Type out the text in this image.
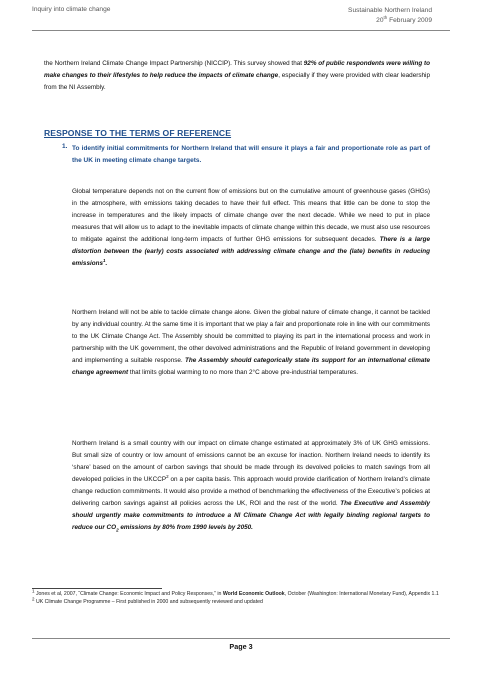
Inquiry into climate change	Sustainable Northern Ireland
20th February 2009
the Northern Ireland Climate Change Impact Partnership (NICCIP). This survey showed that 92% of public respondents were willing to make changes to their lifestyles to help reduce the impacts of climate change, especially if they were provided with clear leadership from the NI Assembly.
RESPONSE TO THE TERMS OF REFERENCE
1. To identify initial commitments for Northern Ireland that will ensure it plays a fair and proportionate role as part of the UK in meeting climate change targets.
Global temperature depends not on the current flow of emissions but on the cumulative amount of greenhouse gases (GHGs) in the atmosphere, with emissions taking decades to have their full effect. This means that little can be done to stop the increase in temperatures and the likely impacts of climate change over the next decade. While we need to put in place measures that will allow us to adapt to the inevitable impacts of climate change within this decade, we must also use resources to mitigate against the additional long-term impacts of further GHG emissions for subsequent decades. There is a large distortion between the (early) costs associated with addressing climate change and the (late) benefits in reducing emissions$^1$.
Northern Ireland will not be able to tackle climate change alone. Given the global nature of climate change, it cannot be tackled by any individual country. At the same time it is important that we play a fair and proportionate role in line with our commitments to the UK Climate Change Act. The Assembly should be committed to playing its part in the international process and work in partnership with the UK government, the other devolved administrations and the Republic of Ireland government in developing and implementing a suitable response. The Assembly should categorically state its support for an international climate change agreement that limits global warming to no more than 2°C above pre-industrial temperatures.
Northern Ireland is a small country with our impact on climate change estimated at approximately 3% of UK GHG emissions. But small size of country or low amount of emissions cannot be an excuse for inaction. Northern Ireland needs to identify its ‘share’ based on the amount of carbon savings that should be made through its devolved policies to match savings from all developed policies in the UKCCP$^2$ on a per capita basis. This approach would provide clarification of Northern Ireland’s climate change reduction commitments. It would also provide a method of benchmarking the effectiveness of the Executive’s policies at delivering carbon savings against all policies across the UK, ROI and the rest of the world. The Executive and Assembly should urgently make commitments to introduce a NI Climate Change Act with legally binding regional targets to reduce our $CO_2$ emissions by 80% from 1990 levels by 2050.
$^1$ Jones et al, 2007, “Climate Change: Economic Impact and Policy Responses,” in World Economic Outlook, October (Washington: International Monetary Fund), Appendix 1.1
$^2$ UK Climate Change Programme – First published in 2000 and subsequently reviewed and updated
Page 3
